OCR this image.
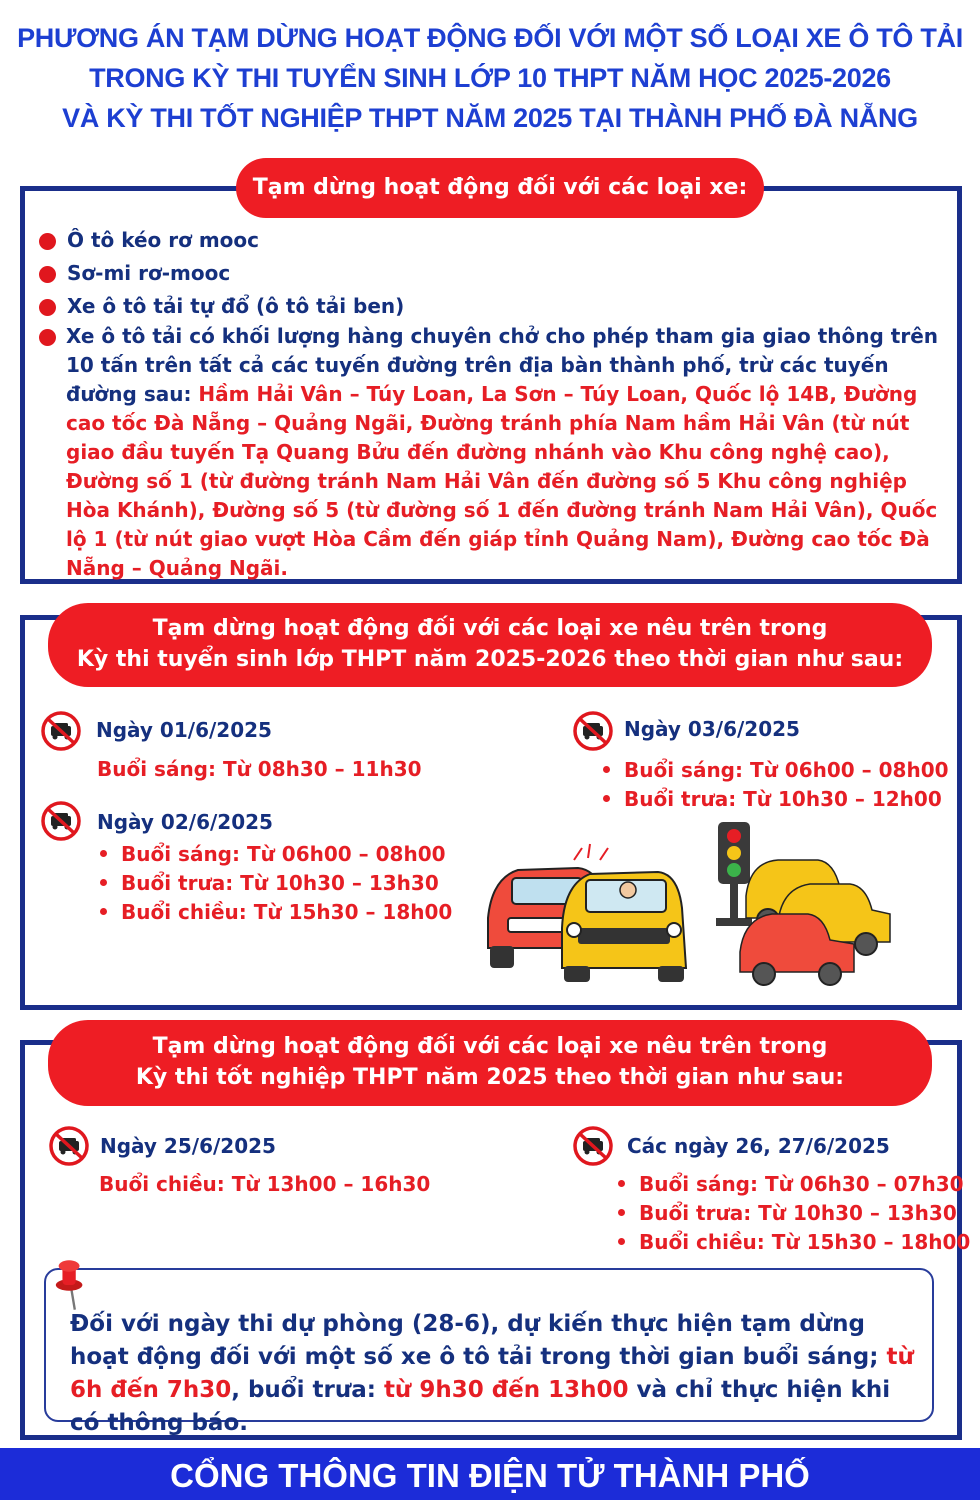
PHƯƠNG ÁN TẠM DỪNG HOẠT ĐỘNG ĐỐI VỚI MỘT SỐ LOẠI XE Ô TÔ TẢI
TRONG KỲ THI TUYỂN SINH LỚP 10 THPT NĂM HỌC 2025-2026
VÀ KỲ THI TỐT NGHIỆP THPT NĂM 2025 TẠI THÀNH PHỐ ĐÀ NẴNG
Tạm dừng hoạt động đối với các loại xe:
Ô tô kéo rơ mooc
Sơ-mi rơ-mooc
Xe ô tô tải tự đổ (ô tô tải ben)
Xe ô tô tải có khối lượng hàng chuyên chở cho phép tham gia giao thông trên 10 tấn trên tất cả các tuyến đường trên địa bàn thành phố, trừ các tuyến đường sau: Hầm Hải Vân – Túy Loan, La Sơn – Túy Loan, Quốc lộ 14B, Đường cao tốc Đà Nẵng – Quảng Ngãi, Đường tránh phía Nam hầm Hải Vân (từ nút giao đầu tuyến Tạ Quang Bửu đến đường nhánh vào Khu công nghệ cao), Đường số 1 (từ đường tránh Nam Hải Vân đến đường số 5 Khu công nghiệp Hòa Khánh), Đường số 5 (từ đường số 1 đến đường tránh Nam Hải Vân), Quốc lộ 1 (từ nút giao vượt Hòa Cầm đến giáp tỉnh Quảng Nam), Đường cao tốc Đà Nẵng – Quảng Ngãi.
Tạm dừng hoạt động đối với các loại xe nêu trên trong
Kỳ thi tuyển sinh lớp THPT năm 2025-2026 theo thời gian như sau:
Ngày 01/6/2025
Buổi sáng: Từ 08h30 – 11h30
Ngày 02/6/2025
Buổi sáng: Từ 06h00 – 08h00
Buổi trưa: Từ 10h30 – 13h30
Buổi chiều: Từ 15h30 – 18h00
Ngày 03/6/2025
Buổi sáng: Từ 06h00 – 08h00
Buổi trưa: Từ 10h30 – 12h00
Tạm dừng hoạt động đối với các loại xe nêu trên trong
Kỳ thi tốt nghiệp THPT năm 2025 theo thời gian như sau:
Ngày 25/6/2025
Buổi chiều: Từ 13h00 – 16h30
Các ngày 26, 27/6/2025
Buổi sáng: Từ 06h30 – 07h30
Buổi trưa: Từ 10h30 – 13h30
Buổi chiều: Từ 15h30 – 18h00
Đối với ngày thi dự phòng (28-6), dự kiến thực hiện tạm dừng hoạt động đối với một số xe ô tô tải trong thời gian buổi sáng; từ 6h đến 7h30, buổi trưa: từ 9h30 đến 13h00 và chỉ thực hiện khi có thông báo.
CỔNG THÔNG TIN ĐIỆN TỬ THÀNH PHỐ
